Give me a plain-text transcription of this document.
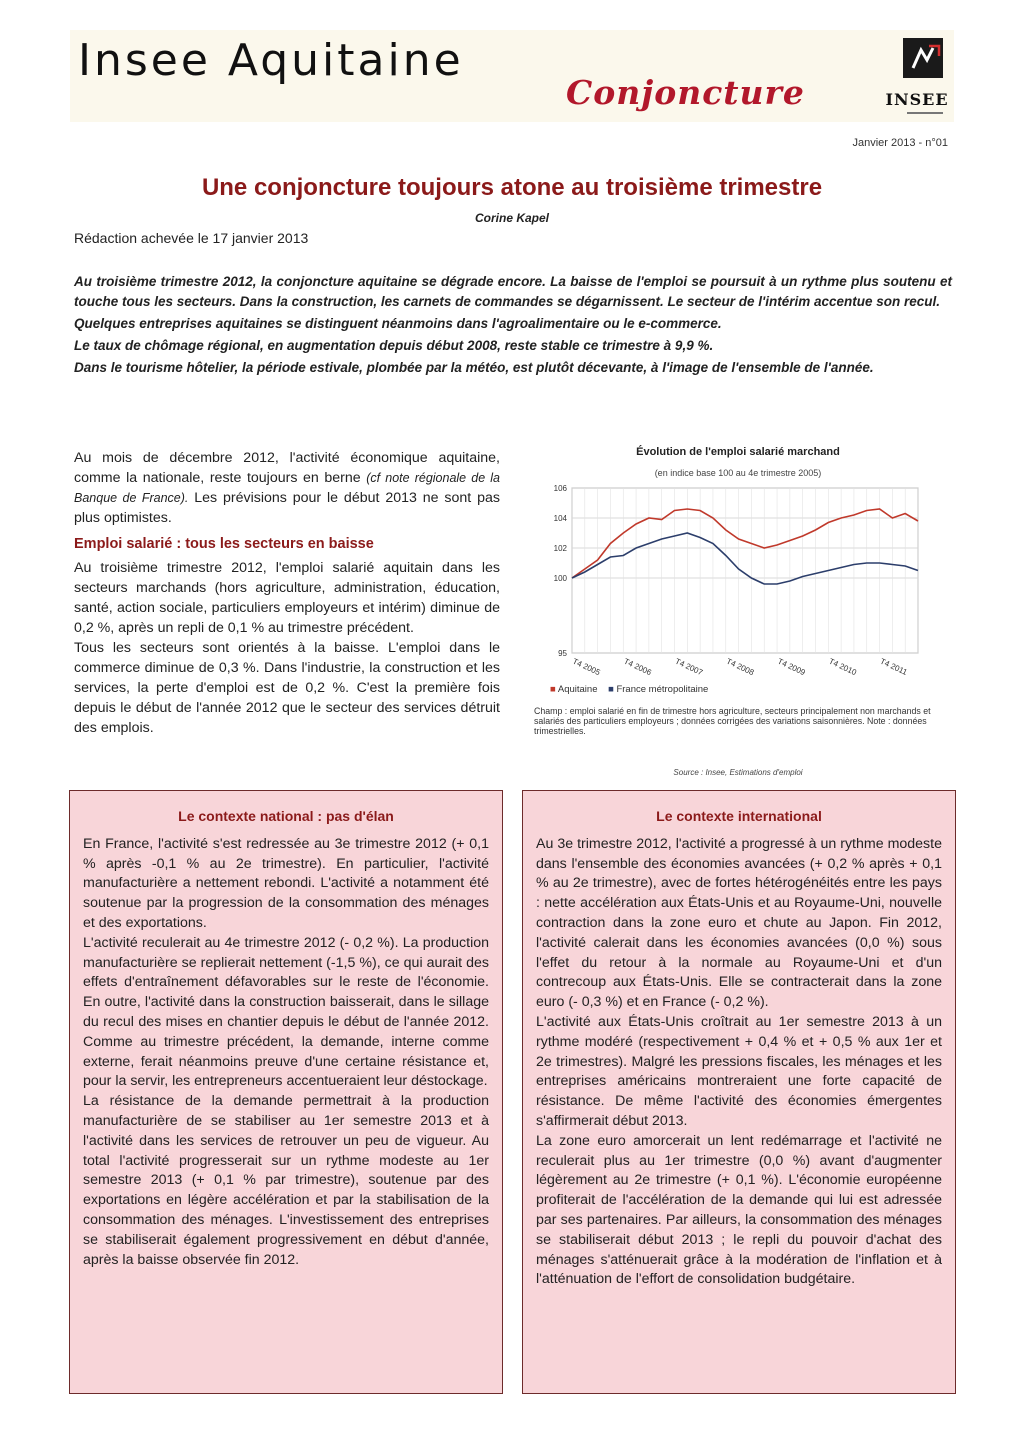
Insee Aquitaine
Conjoncture	INSEE
Janvier 2013 - n°01
Une conjoncture toujours atone au troisième trimestre
Corine Kapel
Rédaction achevée le 17 janvier 2013

Au troisième trimestre 2012, la conjoncture aquitaine se dégrade encore. La baisse de l'emploi se poursuit à un rythme plus soutenu et touche tous les secteurs. Dans la construction, les carnets de commandes se dégarnissent. Le secteur de l'intérim accentue son recul.

Quelques entreprises aquitaines se distinguent néanmoins dans l'agroalimentaire ou le e-commerce.

Le taux de chômage régional, en augmentation depuis début 2008, reste stable ce trimestre à 9,9 %.

Dans le tourisme hôtelier, la période estivale, plombée par la météo, est plutôt décevante, à l'image de l'ensemble de l'année.

Au mois de décembre 2012, l'activité économique aquitaine, comme la nationale, reste toujours en berne (cf note régionale de la Banque de France). Les prévisions pour le début 2013 ne sont pas plus optimistes.

Emploi salarié : tous les secteurs en baisse

Au troisième trimestre 2012, l'emploi salarié aquitain dans les secteurs marchands (hors agriculture, administration, éducation, santé, action sociale, particuliers employeurs et intérim) diminue de 0,2 %, après un repli de 0,1 % au trimestre précédent.

Tous les secteurs sont orientés à la baisse. L'emploi dans le commerce diminue de 0,3 %. Dans l'industrie, la construction et les services, la perte d'emploi est de 0,2 %. C'est la première fois depuis le début de l'année 2012 que le secteur des services détruit des emplois.

Évolution de l'emploi salarié marchand
(en indice base 100 au 4e trimestre 2005)
95
100
102
104
106
T4 2005	T4 2006	T4 2007	T4 2008	T4 2009	T4 2010	T4 2011
■ Aquitaine ■ France métropolitaine
Champ : emploi salarié en fin de trimestre hors agriculture, secteurs principalement non marchands et salariés des particuliers employeurs ; données corrigées des variations saisonnières. Note : données trimestrielles.
Source : Insee, Estimations d'emploi
Le contexte national : pas d'élan

En France, l'activité s'est redressée au 3e trimestre 2012 (+ 0,1 % après -0,1 % au 2e trimestre). En particulier, l'activité manufacturière a nettement rebondi. L'activité a notamment été soutenue par la progression de la consommation des ménages et des exportations.

L'activité reculerait au 4e trimestre 2012 (- 0,2 %). La production manufacturière se replierait nettement (-1,5 %), ce qui aurait des effets d'entraînement défavorables sur le reste de l'économie. En outre, l'activité dans la construction baisserait, dans le sillage du recul des mises en chantier depuis le début de l'année 2012. Comme au trimestre précédent, la demande, interne comme externe, ferait néanmoins preuve d'une certaine résistance et, pour la servir, les entrepreneurs accentueraient leur déstockage.

La résistance de la demande permettrait à la production manufacturière de se stabiliser au 1er semestre 2013 et à l'activité dans les services de retrouver un peu de vigueur. Au total l'activité progresserait sur un rythme modeste au 1er semestre 2013 (+ 0,1 % par trimestre), soutenue par des exportations en légère accélération et par la stabilisation de la consommation des ménages. L'investissement des entreprises se stabiliserait également progressivement en début d'année, après la baisse observée fin 2012.

Le contexte international

Au 3e trimestre 2012, l'activité a progressé à un rythme modeste dans l'ensemble des économies avancées (+ 0,2 % après + 0,1 % au 2e trimestre), avec de fortes hétérogénéités entre les pays : nette accélération aux États-Unis et au Royaume-Uni, nouvelle contraction dans la zone euro et chute au Japon. Fin 2012, l'activité calerait dans les économies avancées (0,0 %) sous l'effet du retour à la normale au Royaume-Uni et d'un contrecoup aux États-Unis. Elle se contracterait dans la zone euro (- 0,3 %) et en France (- 0,2 %).

L'activité aux États-Unis croîtrait au 1er semestre 2013 à un rythme modéré (respectivement + 0,4 % et + 0,5 % aux 1er et 2e trimestres). Malgré les pressions fiscales, les ménages et les entreprises américains montreraient une forte capacité de résistance. De même l'activité des économies émergentes s'affirmerait début 2013.

La zone euro amorcerait un lent redémarrage et l'activité ne reculerait plus au 1er trimestre (0,0 %) avant d'augmenter légèrement au 2e trimestre (+ 0,1 %). L'économie européenne profiterait de l'accélération de la demande qui lui est adressée par ses partenaires. Par ailleurs, la consommation des ménages se stabiliserait début 2013 ; le repli du pouvoir d'achat des ménages s'atténuerait grâce à la modération de l'inflation et à l'atténuation de l'effort de consolidation budgétaire.
